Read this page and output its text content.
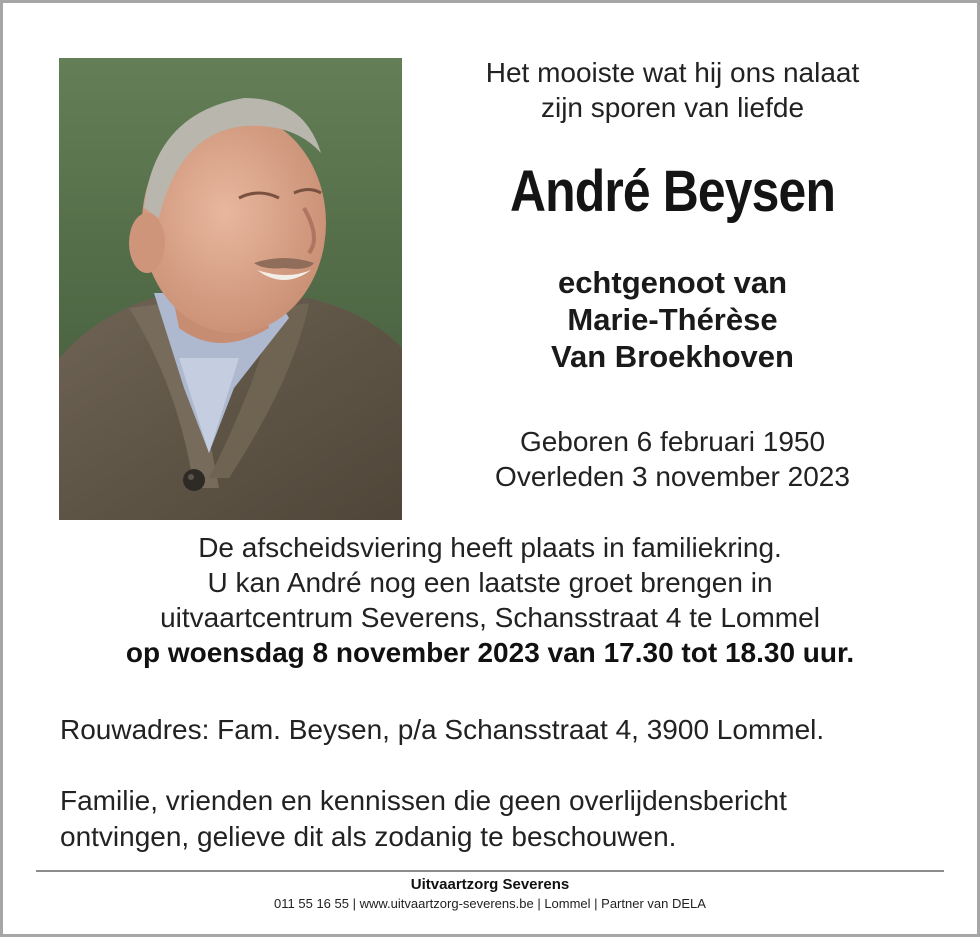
Het mooiste wat hij ons nalaat
zijn sporen van liefde
André Beysen
echtgenoot van
Marie-Thérèse
Van Broekhoven
Geboren 6 februari 1950
Overleden 3 november 2023
De afscheidsviering heeft plaats in familiekring.
U kan André nog een laatste groet brengen in
uitvaartcentrum Severens, Schansstraat 4 te Lommel
op woensdag 8 november 2023 van 17.30 tot 18.30 uur.
Rouwadres: Fam. Beysen, p/a Schansstraat 4, 3900 Lommel.
Familie, vrienden en kennissen die geen overlijdensbericht
ontvingen, gelieve dit als zodanig te beschouwen.
Uitvaartzorg Severens
011 55 16 55 | www.uitvaartzorg-severens.be | Lommel | Partner van DELA
